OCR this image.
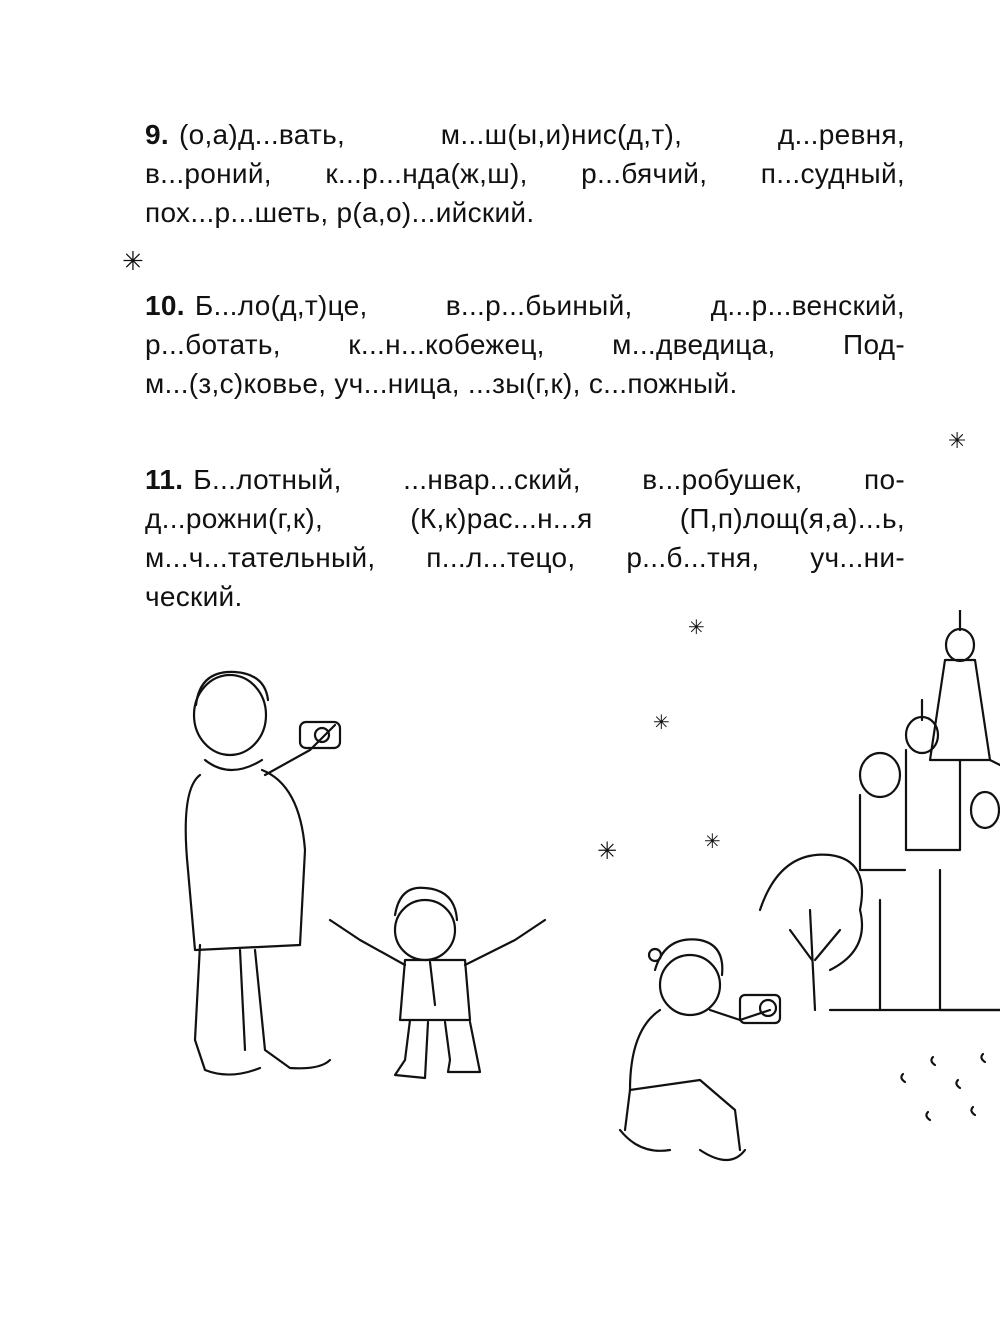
9. (о,а)д...вать, м...ш(ы,и)нис(д,т), д...ревня,
в...роний, к...р...нда(ж,ш), р...бячий, п...судный,
пох...р...шеть, р(а,о)...ийский.
10. Б...ло(д,т)це, в...р...бьиный, д...р...венский,
р...ботать, к...н...кобежец, м...дведица, Под-
м...(з,с)ковье, уч...ница, ...зы(г,к), с...пожный.
11. Б...лотный, ...нвар...ский, в...робушек, по-
д...рожни(г,к), (К,к)рас...н...я (П,п)лощ(я,а)...ь,
м...ч...тательный, п...л...тецо, р...б...тня, уч...ни-
ческий.
✳
✳
✳
✳
✳	✳
